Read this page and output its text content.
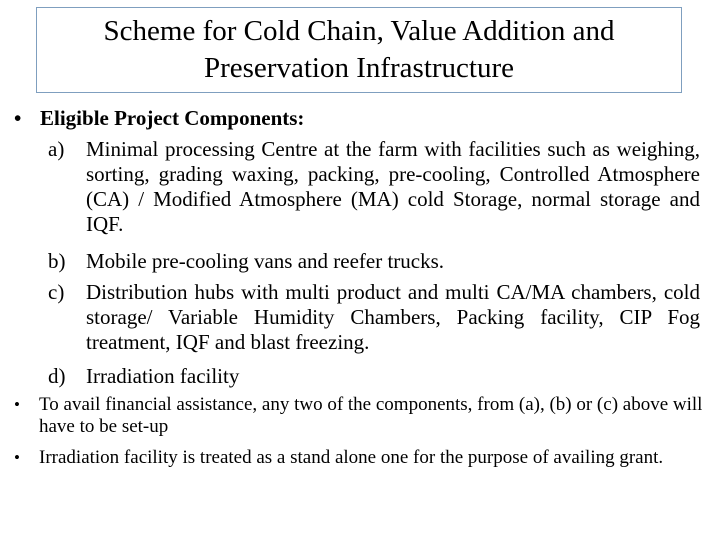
Scheme for Cold Chain, Value Addition and
Preservation Infrastructure
• Eligible Project Components:
a) Minimal processing Centre at the farm with facilities such as weighing, sorting, grading waxing, packing, pre-cooling, Controlled Atmosphere (CA) / Modified Atmosphere (MA) cold Storage, normal storage and IQF.
b) Mobile pre-cooling vans and reefer trucks.
c) Distribution hubs with multi product and multi CA/MA chambers, cold storage/ Variable Humidity Chambers, Packing facility, CIP Fog treatment, IQF and blast freezing.
d) Irradiation facility
• To avail financial assistance, any two of the components, from (a), (b) or (c) above will have to be set-up
• Irradiation facility is treated as a stand alone one for the purpose of availing grant.
